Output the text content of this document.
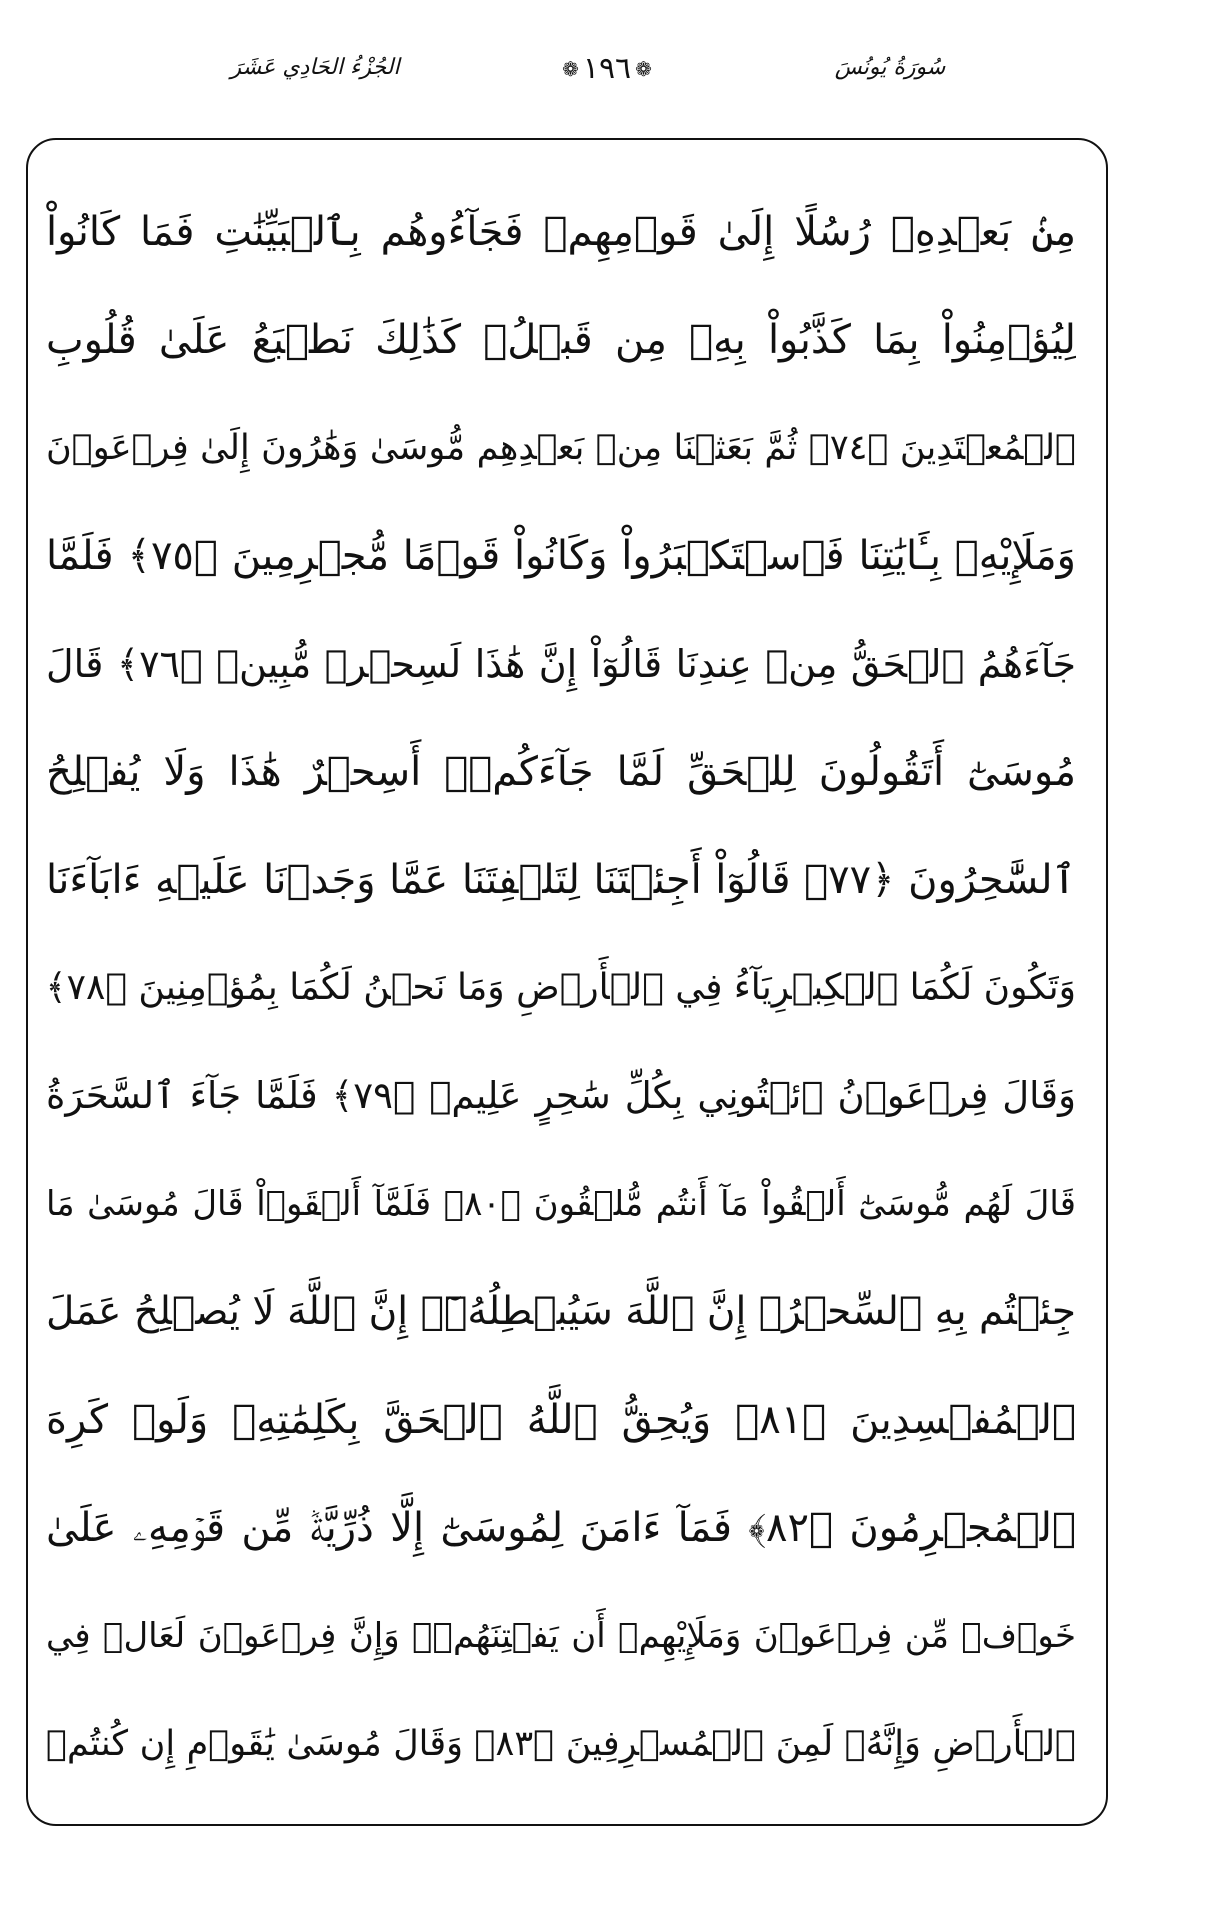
سُورَةُ يُونُسَ
❁ ١٩٦ ❁
الجُزْءُ الحَادِي عَشَرَ
مِنۢ بَعۡدِهِۦ رُسُلًا إِلَىٰ قَوۡمِهِمۡ فَجَآءُوهُم بِٱلۡبَيِّنَٰتِ فَمَا كَانُواْ
لِيُؤۡمِنُواْ بِمَا كَذَّبُواْ بِهِۦ مِن قَبۡلُۚ كَذَٰلِكَ نَطۡبَعُ عَلَىٰ قُلُوبِ
ٱلۡمُعۡتَدِينَ ﴿٧٤﴾ ثُمَّ بَعَثۡنَا مِنۢ بَعۡدِهِم مُّوسَىٰ وَهَٰرُونَ إِلَىٰ فِرۡعَوۡنَ
وَمَلَإِيْهِۦ بِـَٔايَٰتِنَا فَٱسۡتَكۡبَرُواْ وَكَانُواْ قَوۡمًا مُّجۡرِمِينَ ﴿٧٥﴾ فَلَمَّا
جَآءَهُمُ ٱلۡحَقُّ مِنۡ عِندِنَا قَالُوٓاْ إِنَّ هَٰذَا لَسِحۡرٞ مُّبِينٞ ﴿٧٦﴾ قَالَ
مُوسَىٰٓ أَتَقُولُونَ لِلۡحَقِّ لَمَّا جَآءَكُمۡۖ أَسِحۡرٌ هَٰذَا وَلَا يُفۡلِحُ
ٱلسَّٰحِرُونَ ﴿٧٧﴾ قَالُوٓاْ أَجِئۡتَنَا لِتَلۡفِتَنَا عَمَّا وَجَدۡنَا عَلَيۡهِ ءَابَآءَنَا
وَتَكُونَ لَكُمَا ٱلۡكِبۡرِيَآءُ فِي ٱلۡأَرۡضِ وَمَا نَحۡنُ لَكُمَا بِمُؤۡمِنِينَ ﴿٧٨﴾
وَقَالَ فِرۡعَوۡنُ ٱئۡتُونِي بِكُلِّ سَٰحِرٍ عَلِيمٖ ﴿٧٩﴾ فَلَمَّا جَآءَ ٱلسَّحَرَةُ
قَالَ لَهُم مُّوسَىٰٓ أَلۡقُواْ مَآ أَنتُم مُّلۡقُونَ ﴿٨٠﴾ فَلَمَّآ أَلۡقَوۡاْ قَالَ مُوسَىٰ مَا
جِئۡتُم بِهِ ٱلسِّحۡرُۖ إِنَّ ٱللَّهَ سَيُبۡطِلُهُۥٓۖ إِنَّ ٱللَّهَ لَا يُصۡلِحُ عَمَلَ
ٱلۡمُفۡسِدِينَ ﴿٨١﴾ وَيُحِقُّ ٱللَّهُ ٱلۡحَقَّ بِكَلِمَٰتِهِۦ وَلَوۡ كَرِهَ
ٱلۡمُجۡرِمُونَ ﴿٨٢﴾ فَمَآ ءَامَنَ لِمُوسَىٰٓ إِلَّا ذُرِّيَّةٞ مِّن قَوۡمِهِۦ عَلَىٰ
خَوۡفٖ مِّن فِرۡعَوۡنَ وَمَلَإِيْهِمۡ أَن يَفۡتِنَهُمۡۚ وَإِنَّ فِرۡعَوۡنَ لَعَالٖ فِي
ٱلۡأَرۡضِ وَإِنَّهُۥ لَمِنَ ٱلۡمُسۡرِفِينَ ﴿٨٣﴾ وَقَالَ مُوسَىٰ يَٰقَوۡمِ إِن كُنتُمۡ
